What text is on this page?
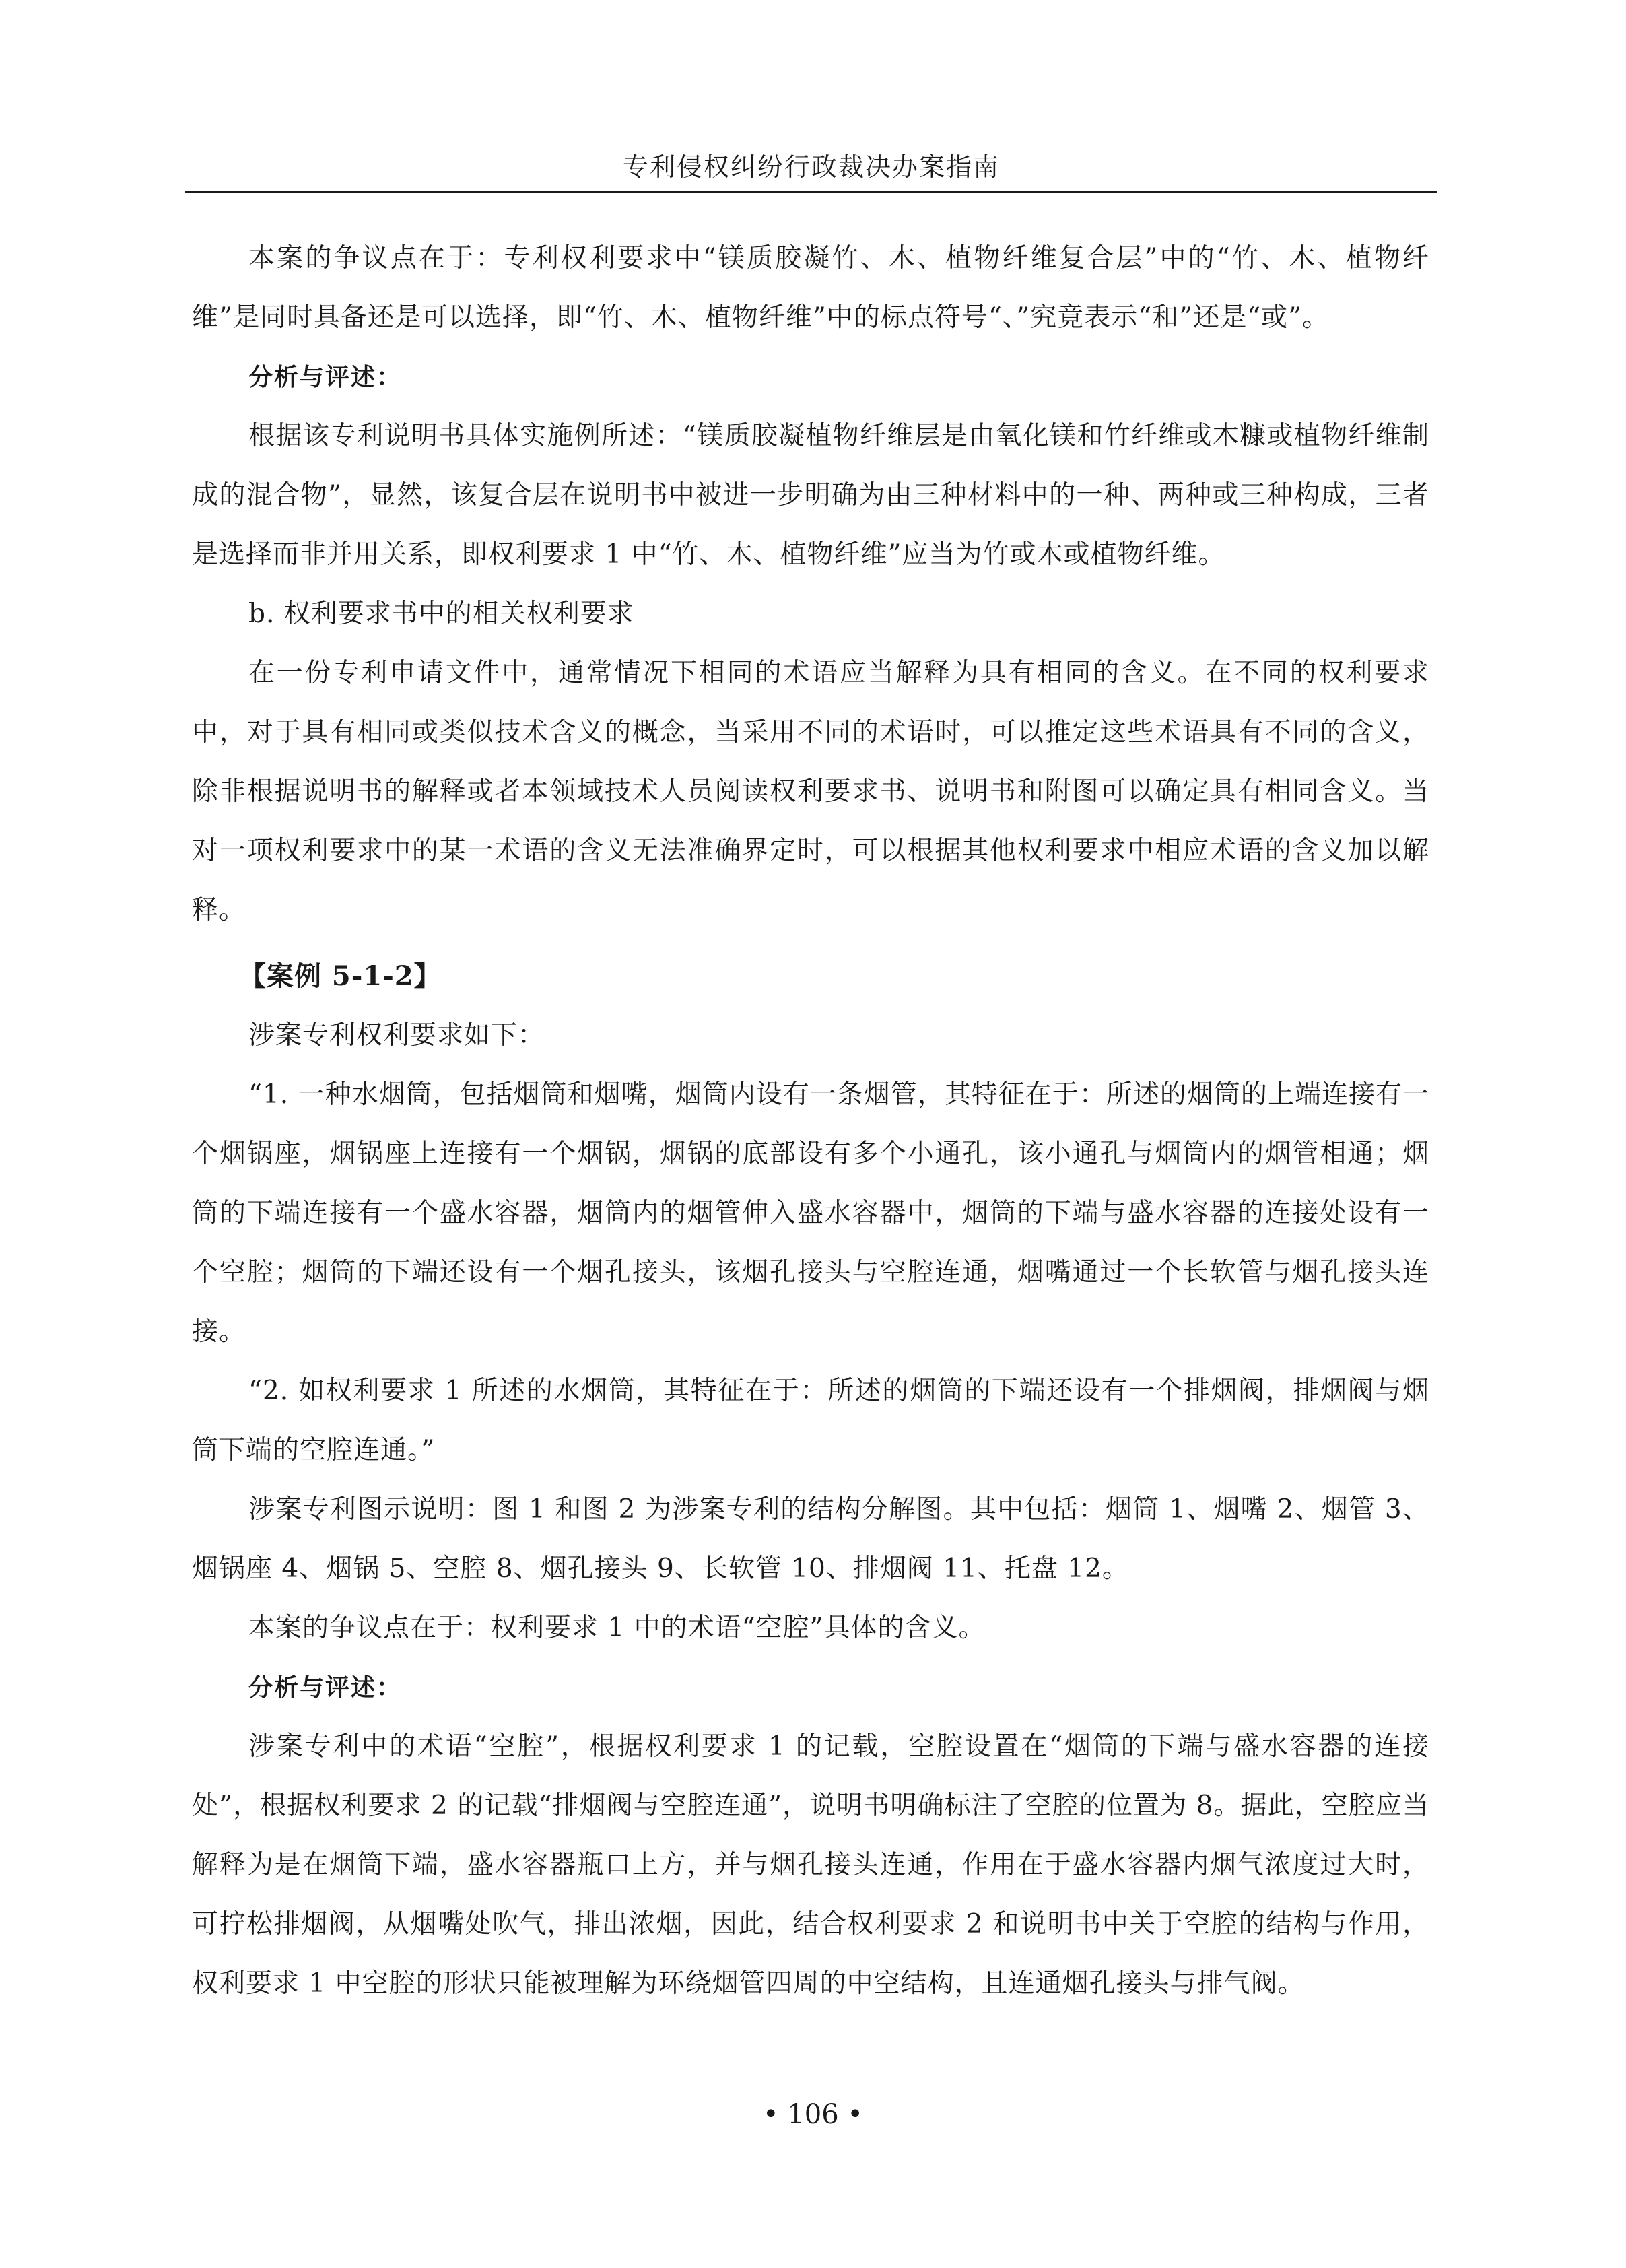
专利侵权纠纷行政裁决办案指南

本案的争议点在于：专利权利要求中“镁质胶凝竹、木、植物纤维复合层”中的“竹、木、植物纤维”是同时具备还是可以选择，即“竹、木、植物纤维”中的标点符号“、”究竟表示“和”还是“或”。

分析与评述：

根据该专利说明书具体实施例所述：“镁质胶凝植物纤维层是由氧化镁和竹纤维或木糠或植物纤维制成的混合物”，显然，该复合层在说明书中被进一步明确为由三种材料中的一种、两种或三种构成，三者是选择而非并用关系，即权利要求 1 中“竹、木、植物纤维”应当为竹或木或植物纤维。

b. 权利要求书中的相关权利要求

在一份专利申请文件中，通常情况下相同的术语应当解释为具有相同的含义。在不同的权利要求中，对于具有相同或类似技术含义的概念，当采用不同的术语时，可以推定这些术语具有不同的含义，除非根据说明书的解释或者本领域技术人员阅读权利要求书、说明书和附图可以确定具有相同含义。当对一项权利要求中的某一术语的含义无法准确界定时，可以根据其他权利要求中相应术语的含义加以解释。

【案例 5-1-2】

涉案专利权利要求如下：

“1. 一种水烟筒，包括烟筒和烟嘴，烟筒内设有一条烟管，其特征在于：所述的烟筒的上端连接有一个烟锅座，烟锅座上连接有一个烟锅，烟锅的底部设有多个小通孔，该小通孔与烟筒内的烟管相通；烟筒的下端连接有一个盛水容器，烟筒内的烟管伸入盛水容器中，烟筒的下端与盛水容器的连接处设有一个空腔；烟筒的下端还设有一个烟孔接头，该烟孔接头与空腔连通，烟嘴通过一个长软管与烟孔接头连接。

“2. 如权利要求 1 所述的水烟筒，其特征在于：所述的烟筒的下端还设有一个排烟阀，排烟阀与烟筒下端的空腔连通。”

涉案专利图示说明：图 1 和图 2 为涉案专利的结构分解图。其中包括：烟筒 1、烟嘴 2、烟管 3、烟锅座 4、烟锅 5、空腔 8、烟孔接头 9、长软管 10、排烟阀 11、托盘 12。

本案的争议点在于：权利要求 1 中的术语“空腔”具体的含义。

分析与评述：

涉案专利中的术语“空腔”，根据权利要求 1 的记载，空腔设置在“烟筒的下端与盛水容器的连接处”，根据权利要求 2 的记载“排烟阀与空腔连通”，说明书明确标注了空腔的位置为 8。据此，空腔应当解释为是在烟筒下端，盛水容器瓶口上方，并与烟孔接头连通，作用在于盛水容器内烟气浓度过大时，可拧松排烟阀，从烟嘴处吹气，排出浓烟，因此，结合权利要求 2 和说明书中关于空腔的结构与作用，权利要求 1 中空腔的形状只能被理解为环绕烟管四周的中空结构，且连通烟孔接头与排气阀。

• 106 •
